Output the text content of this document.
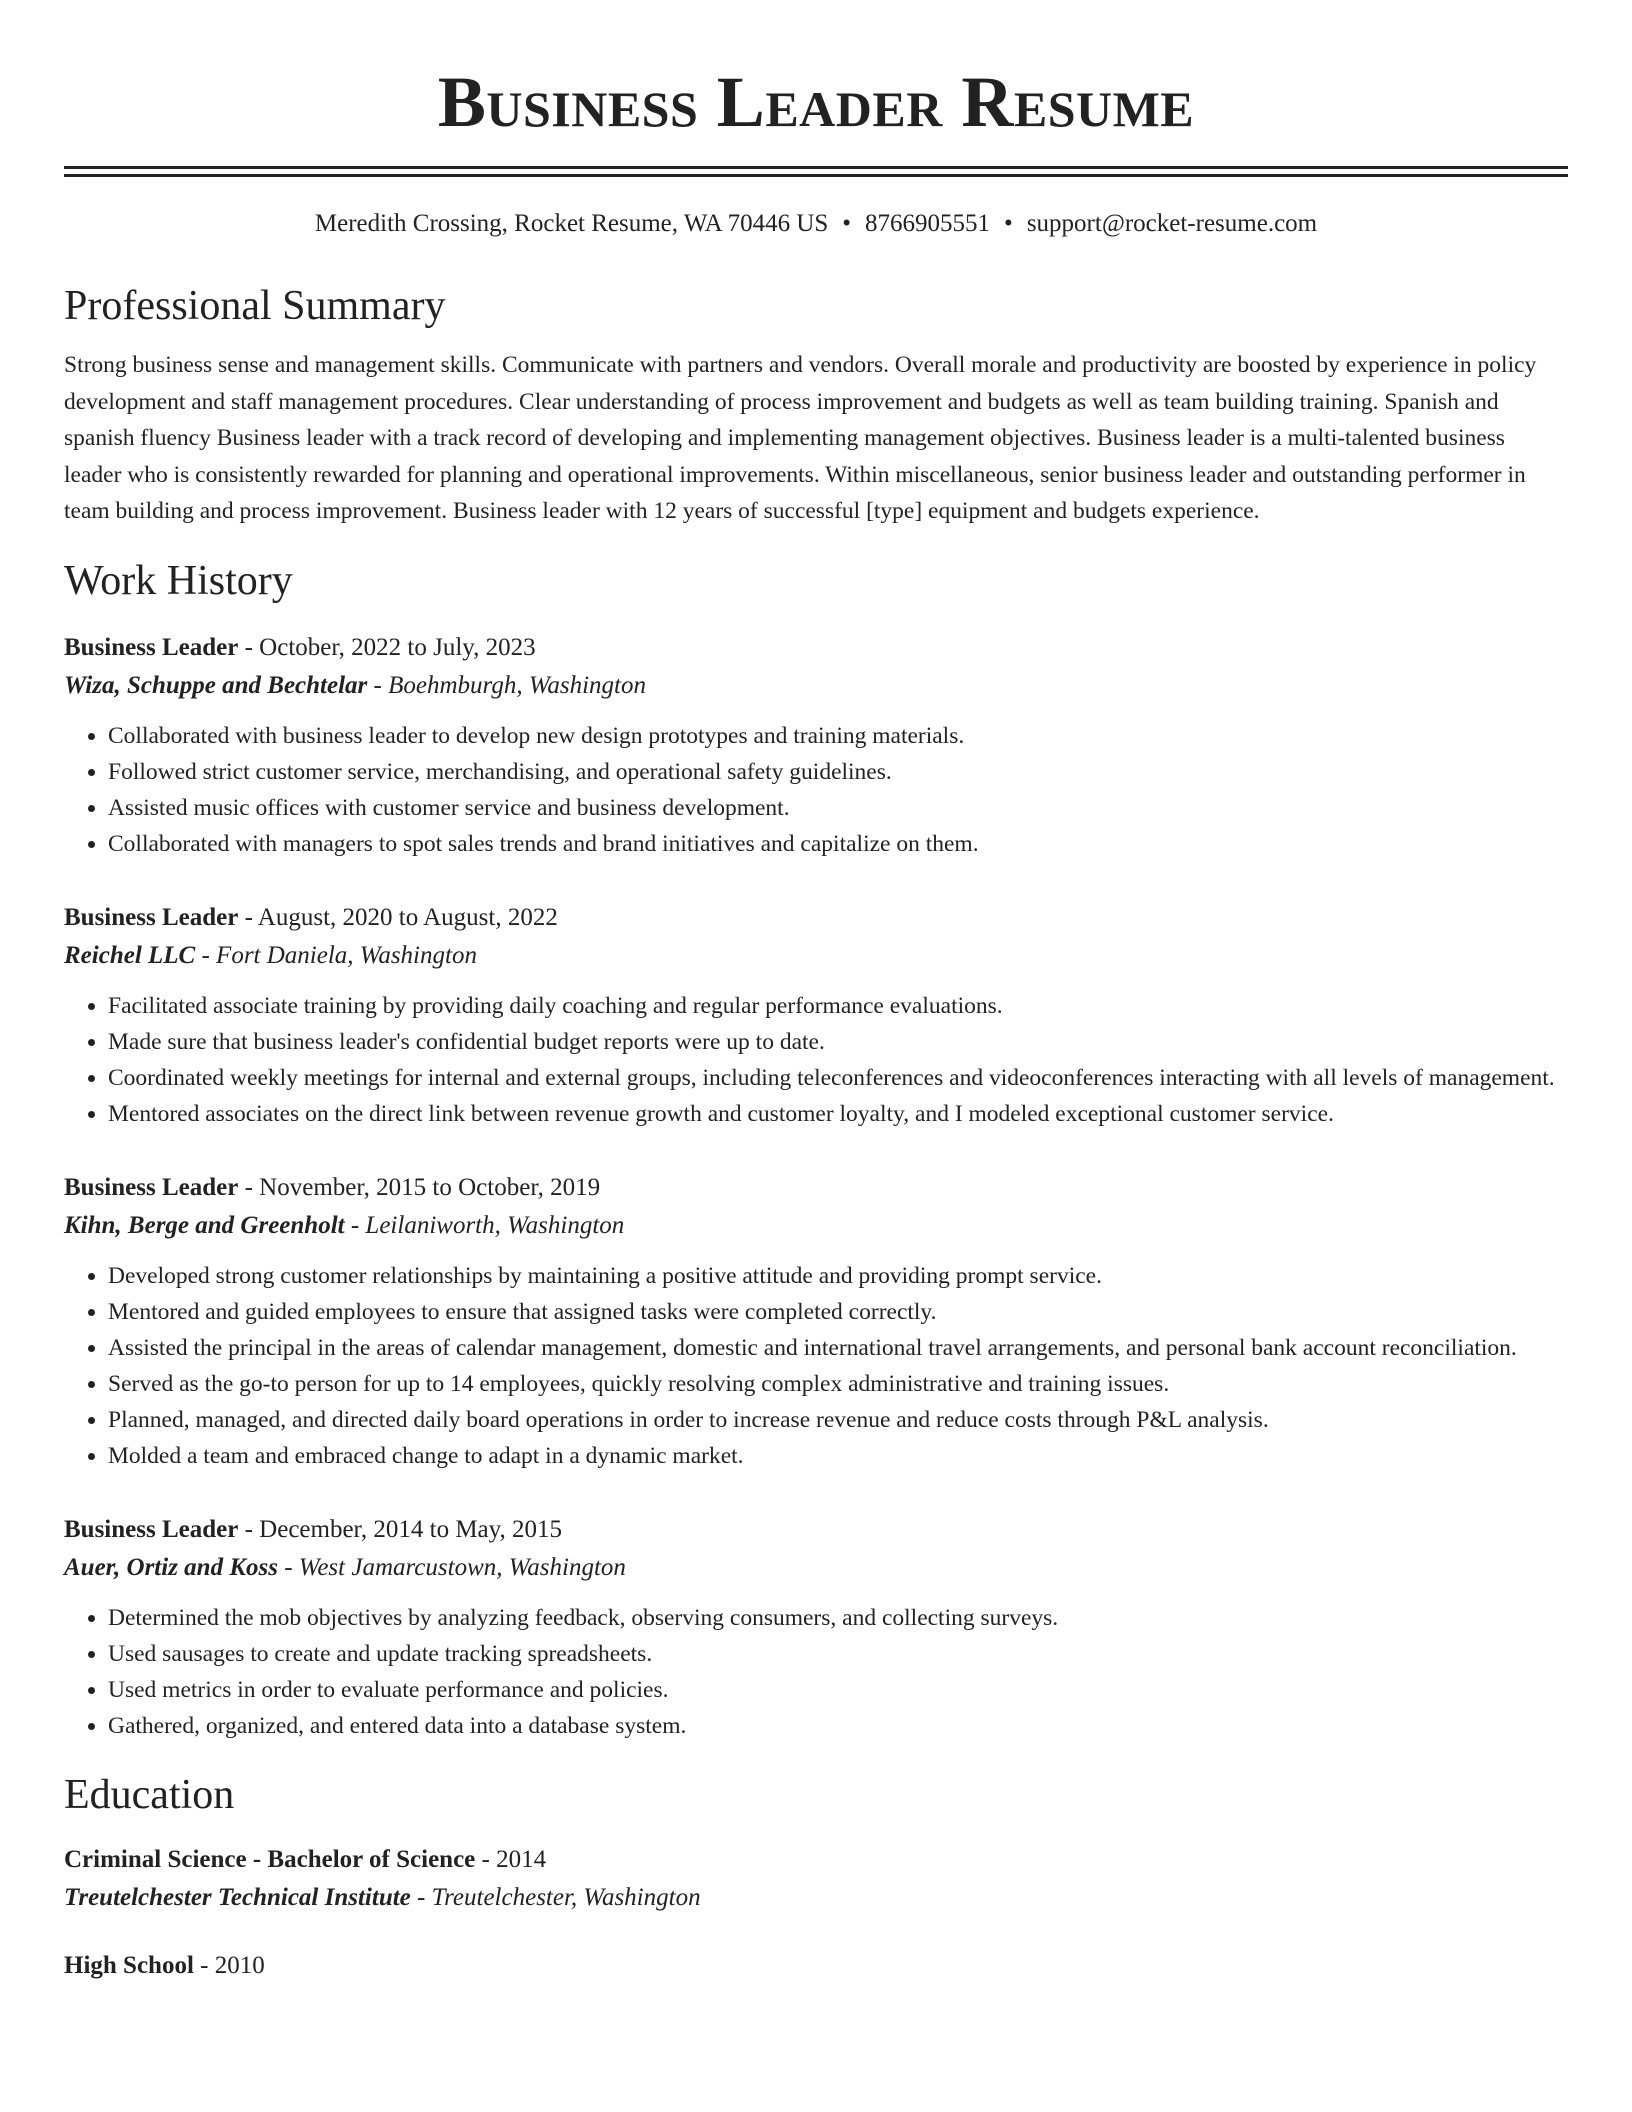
Business Leader Resume
Meredith Crossing, Rocket Resume, WA 70446 US • 8766905551 • support@rocket-resume.com
Professional Summary

Strong business sense and management skills. Communicate with partners and vendors. Overall morale and productivity are boosted by experience in policy development and staff management procedures. Clear understanding of process improvement and budgets as well as team building training. Spanish and spanish fluency Business leader with a track record of developing and implementing management objectives. Business leader is a multi-talented business leader who is consistently rewarded for planning and operational improvements. Within miscellaneous, senior business leader and outstanding performer in team building and process improvement. Business leader with 12 years of successful [type] equipment and budgets experience.

Work History
Business Leader - October, 2022 to July, 2023
Wiza, Schuppe and Bechtelar - Boehmburgh, Washington
• Collaborated with business leader to develop new design prototypes and training materials.
• Followed strict customer service, merchandising, and operational safety guidelines.
• Assisted music offices with customer service and business development.
• Collaborated with managers to spot sales trends and brand initiatives and capitalize on them.
Business Leader - August, 2020 to August, 2022
Reichel LLC - Fort Daniela, Washington
• Facilitated associate training by providing daily coaching and regular performance evaluations.
• Made sure that business leader's confidential budget reports were up to date.
• Coordinated weekly meetings for internal and external groups, including teleconferences and videoconferences interacting with all levels of management.
• Mentored associates on the direct link between revenue growth and customer loyalty, and I modeled exceptional customer service.
Business Leader - November, 2015 to October, 2019
Kihn, Berge and Greenholt - Leilaniworth, Washington
• Developed strong customer relationships by maintaining a positive attitude and providing prompt service.
• Mentored and guided employees to ensure that assigned tasks were completed correctly.
• Assisted the principal in the areas of calendar management, domestic and international travel arrangements, and personal bank account reconciliation.
• Served as the go-to person for up to 14 employees, quickly resolving complex administrative and training issues.
• Planned, managed, and directed daily board operations in order to increase revenue and reduce costs through P&L analysis.
• Molded a team and embraced change to adapt in a dynamic market.
Business Leader - December, 2014 to May, 2015
Auer, Ortiz and Koss - West Jamarcustown, Washington
• Determined the mob objectives by analyzing feedback, observing consumers, and collecting surveys.
• Used sausages to create and update tracking spreadsheets.
• Used metrics in order to evaluate performance and policies.
• Gathered, organized, and entered data into a database system.
Education
Criminal Science - Bachelor of Science - 2014
Treutelchester Technical Institute - Treutelchester, Washington
High School - 2010
